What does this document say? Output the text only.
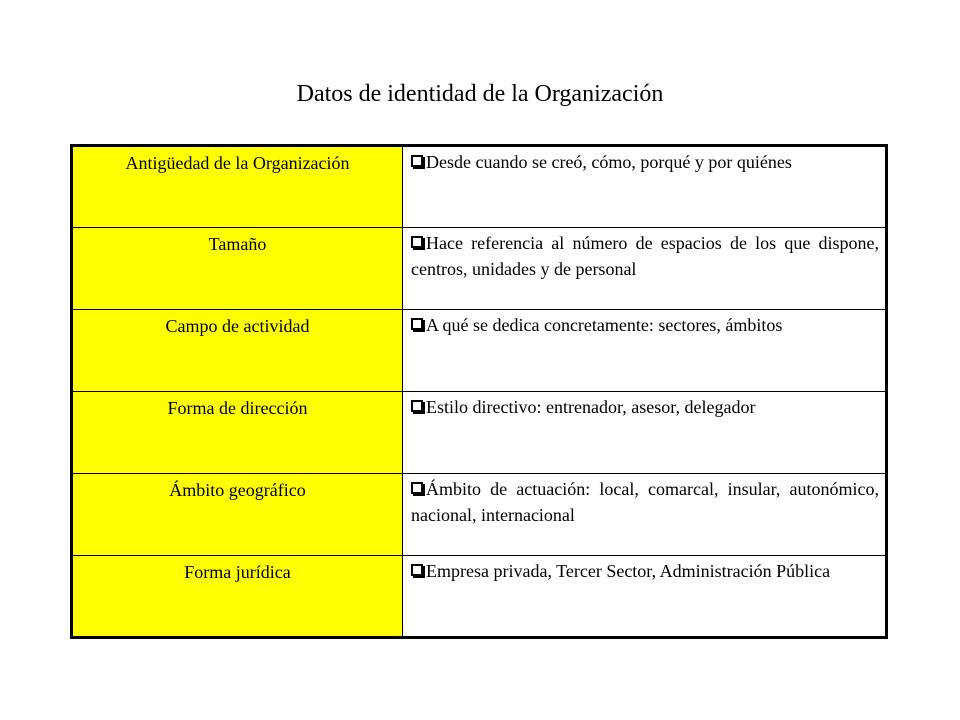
Datos de identidad de la Organización
Antigüedad de la Organización	Desde cuando se creó, cómo, porqué y por quiénes
Tamaño	Hace referencia al número de espacios de los que dispone, centros, unidades y de personal
Campo de actividad	A qué se dedica concretamente: sectores, ámbitos
Forma de dirección	Estilo directivo: entrenador, asesor, delegador
Ámbito geográfico	Ámbito de actuación: local, comarcal, insular, autonómico, nacional, internacional
Forma jurídica	Empresa privada, Tercer Sector, Administración Pública
